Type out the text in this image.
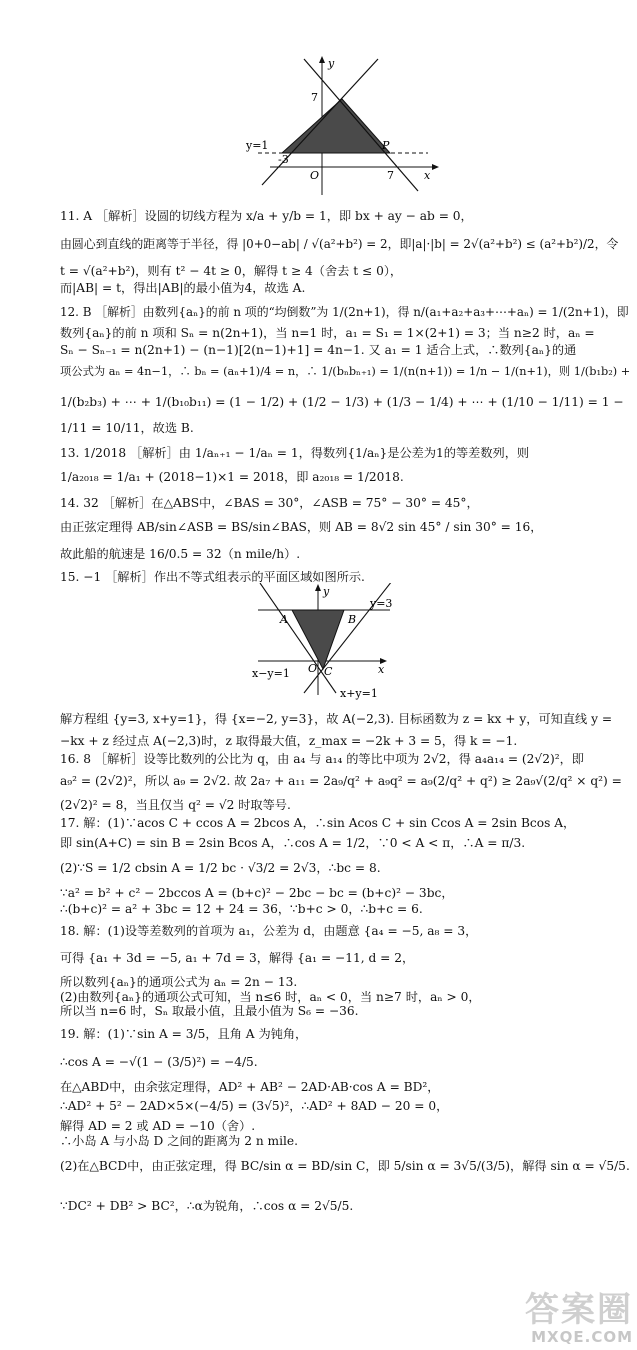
y
7
y=1
-3
O	7
P
x
y
y=3
A	B
O C	x
x−y=1
x+y=1
11. A ［解析］设圆的切线方程为 x/a + y/b = 1，即 bx + ay − ab = 0，
由圆心到直线的距离等于半径，得 |0+0−ab| / √(a²+b²) = 2，即|a|·|b| = 2√(a²+b²) ≤ (a²+b²)/2，令
t = √(a²+b²)，则有 t² − 4t ≥ 0，解得 t ≥ 4（舍去 t ≤ 0），
而|AB| = t，得出|AB|的最小值为4，故选 A.
12. B ［解析］由数列{aₙ}的前 n 项的“均倒数”为 1/(2n+1)，得 n/(a₁+a₂+a₃+⋯+aₙ) = 1/(2n+1)，即
数列{aₙ}的前 n 项和 Sₙ = n(2n+1)，当 n=1 时，a₁ = S₁ = 1×(2+1) = 3；当 n≥2 时，aₙ =
Sₙ − Sₙ₋₁ = n(2n+1) − (n−1)[2(n−1)+1] = 4n−1. 又 a₁ = 1 适合上式，∴数列{aₙ}的通
项公式为 aₙ = 4n−1，∴ bₙ = (aₙ+1)/4 = n，∴ 1/(bₙbₙ₊₁) = 1/(n(n+1)) = 1/n − 1/(n+1)，则 1/(b₁b₂) +
1/(b₂b₃) + ⋯ + 1/(b₁₀b₁₁) = (1 − 1/2) + (1/2 − 1/3) + (1/3 − 1/4) + ⋯ + (1/10 − 1/11) = 1 −
1/11 = 10/11，故选 B.
13. 1/2018 ［解析］由 1/aₙ₊₁ − 1/aₙ = 1，得数列{1/aₙ}是公差为1的等差数列，则
1/a₂₀₁₈ = 1/a₁ + (2018−1)×1 = 2018，即 a₂₀₁₈ = 1/2018.
14. 32 ［解析］在△ABS中，∠BAS = 30°，∠ASB = 75° − 30° = 45°，
由正弦定理得 AB/sin∠ASB = BS/sin∠BAS，则 AB = 8√2 sin 45° / sin 30° = 16，
故此船的航速是 16/0.5 = 32（n mile/h）.
15. −1 ［解析］作出不等式组表示的平面区域如图所示.
解方程组 {y=3, x+y=1}，得 {x=−2, y=3}，故 A(−2,3). 目标函数为 z = kx + y，可知直线 y =
−kx + z 经过点 A(−2,3)时，z 取得最大值，z_max = −2k + 3 = 5，得 k = −1.
16. 8 ［解析］设等比数列的公比为 q，由 a₄ 与 a₁₄ 的等比中项为 2√2，得 a₄a₁₄ = (2√2)²，即
a₉² = (2√2)²，所以 a₉ = 2√2. 故 2a₇ + a₁₁ = 2a₉/q² + a₉q² = a₉(2/q² + q²) ≥ 2a₉√(2/q² × q²) =
(2√2)² = 8，当且仅当 q² = √2 时取等号.
17. 解：(1)∵acos C + ccos A = 2bcos A，∴sin Acos C + sin Ccos A = 2sin Bcos A，
即 sin(A+C) = sin B = 2sin Bcos A，∴cos A = 1/2，∵0 < A < π，∴A = π/3.
(2)∵S = 1/2 cbsin A = 1/2 bc · √3/2 = 2√3，∴bc = 8.
∵a² = b² + c² − 2bccos A = (b+c)² − 2bc − bc = (b+c)² − 3bc，
∴(b+c)² = a² + 3bc = 12 + 24 = 36，∵b+c > 0，∴b+c = 6.
18. 解：(1)设等差数列的首项为 a₁，公差为 d，由题意 {a₄ = −5, a₈ = 3，
可得 {a₁ + 3d = −5, a₁ + 7d = 3，解得 {a₁ = −11, d = 2，
所以数列{aₙ}的通项公式为 aₙ = 2n − 13.
(2)由数列{aₙ}的通项公式可知，当 n≤6 时，aₙ < 0，当 n≥7 时，aₙ > 0，
所以当 n=6 时，Sₙ 取最小值，且最小值为 S₆ = −36.
19. 解：(1)∵sin A = 3/5，且角 A 为钝角，
∴cos A = −√(1 − (3/5)²) = −4/5.
在△ABD中，由余弦定理得，AD² + AB² − 2AD·AB·cos A = BD²，
∴AD² + 5² − 2AD×5×(−4/5) = (3√5)²，∴AD² + 8AD − 20 = 0，
解得 AD = 2 或 AD = −10（舍）.
∴小岛 A 与小岛 D 之间的距离为 2 n mile.
(2)在△BCD中，由正弦定理，得 BC/sin α = BD/sin C，即 5/sin α = 3√5/(3/5)，解得 sin α = √5/5.
∵DC² + DB² > BC²，∴α为锐角，∴cos α = 2√5/5.
答案圈
MXQE.COM
